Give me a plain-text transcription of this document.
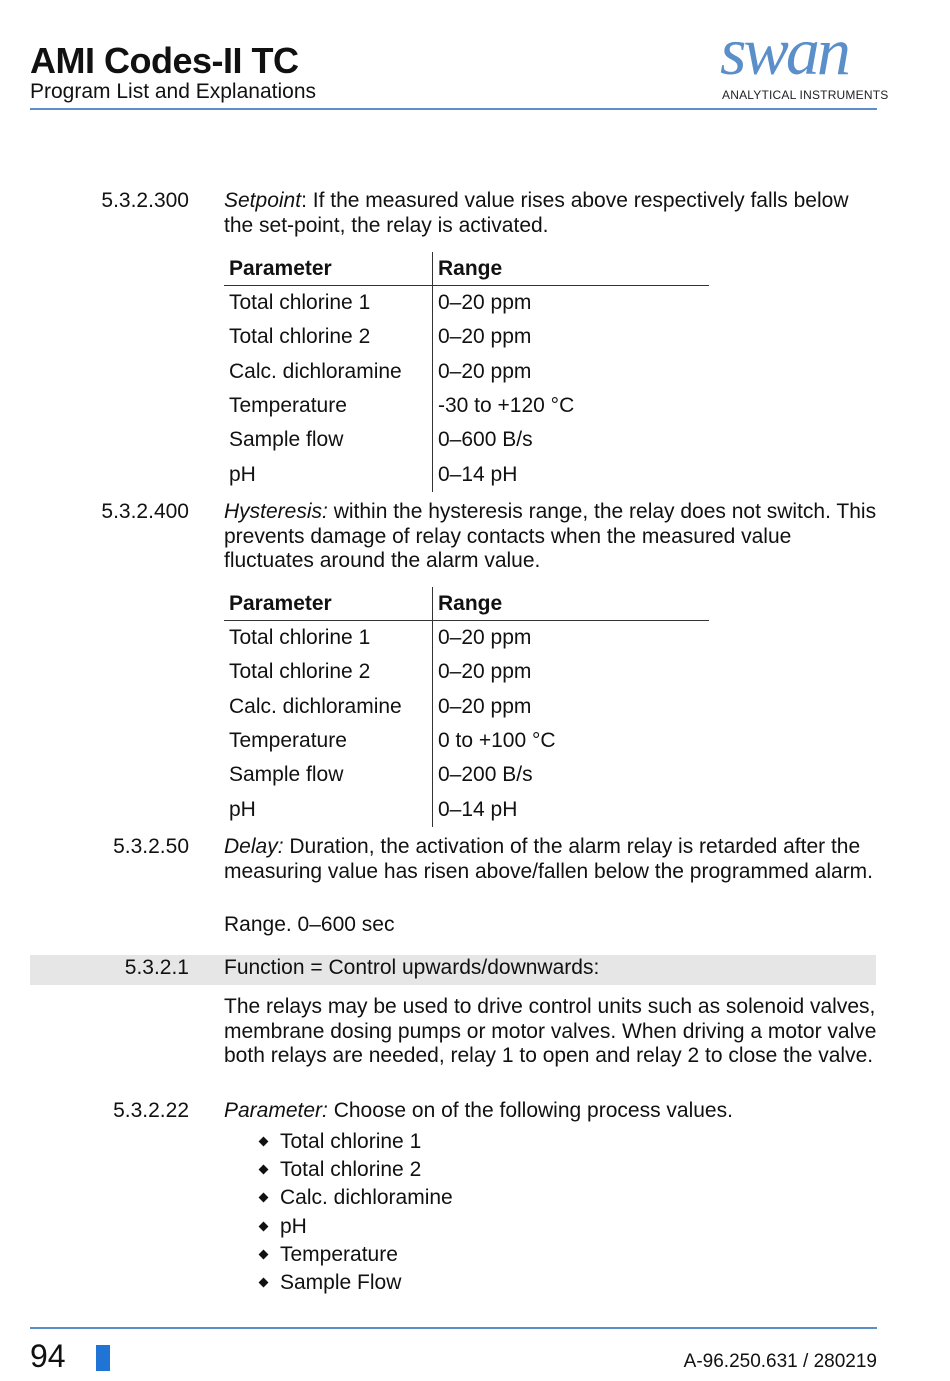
AMI Codes-II TC
Program List and Explanations
swan
ANALYTICAL INSTRUMENTS
5.3.2.300 Setpoint: If the measured value rises above respectively falls below the set-point, the relay is activated.
Parameter	Range
Total chlorine 1	0–20 ppm
Total chlorine 2	0–20 ppm
Calc. dichloramine	0–20 ppm
Temperature	-30 to +120 °C
Sample flow	0–600 B/s
pH	0–14 pH
5.3.2.400 Hysteresis: within the hysteresis range, the relay does not switch. This prevents damage of relay contacts when the measured value fluctuates around the alarm value.
Parameter	Range
Total chlorine 1	0–20 ppm
Total chlorine 2	0–20 ppm
Calc. dichloramine	0–20 ppm
Temperature	0 to +100 °C
Sample flow	0–200 B/s
pH	0–14 pH
5.3.2.50 Delay: Duration, the activation of the alarm relay is retarded after the measuring value has risen above/fallen below the programmed alarm.
Range. 0–600 sec
5.3.2.1 Function = Control upwards/downwards:
The relays may be used to drive control units such as solenoid valves, membrane dosing pumps or motor valves. When driving a motor valve both relays are needed, relay 1 to open and relay 2 to close the valve.
5.3.2.22 Parameter: Choose on of the following process values.
Total chlorine 1
Total chlorine 2
Calc. dichloramine
pH
Temperature
Sample Flow
94	A-96.250.631 / 280219
